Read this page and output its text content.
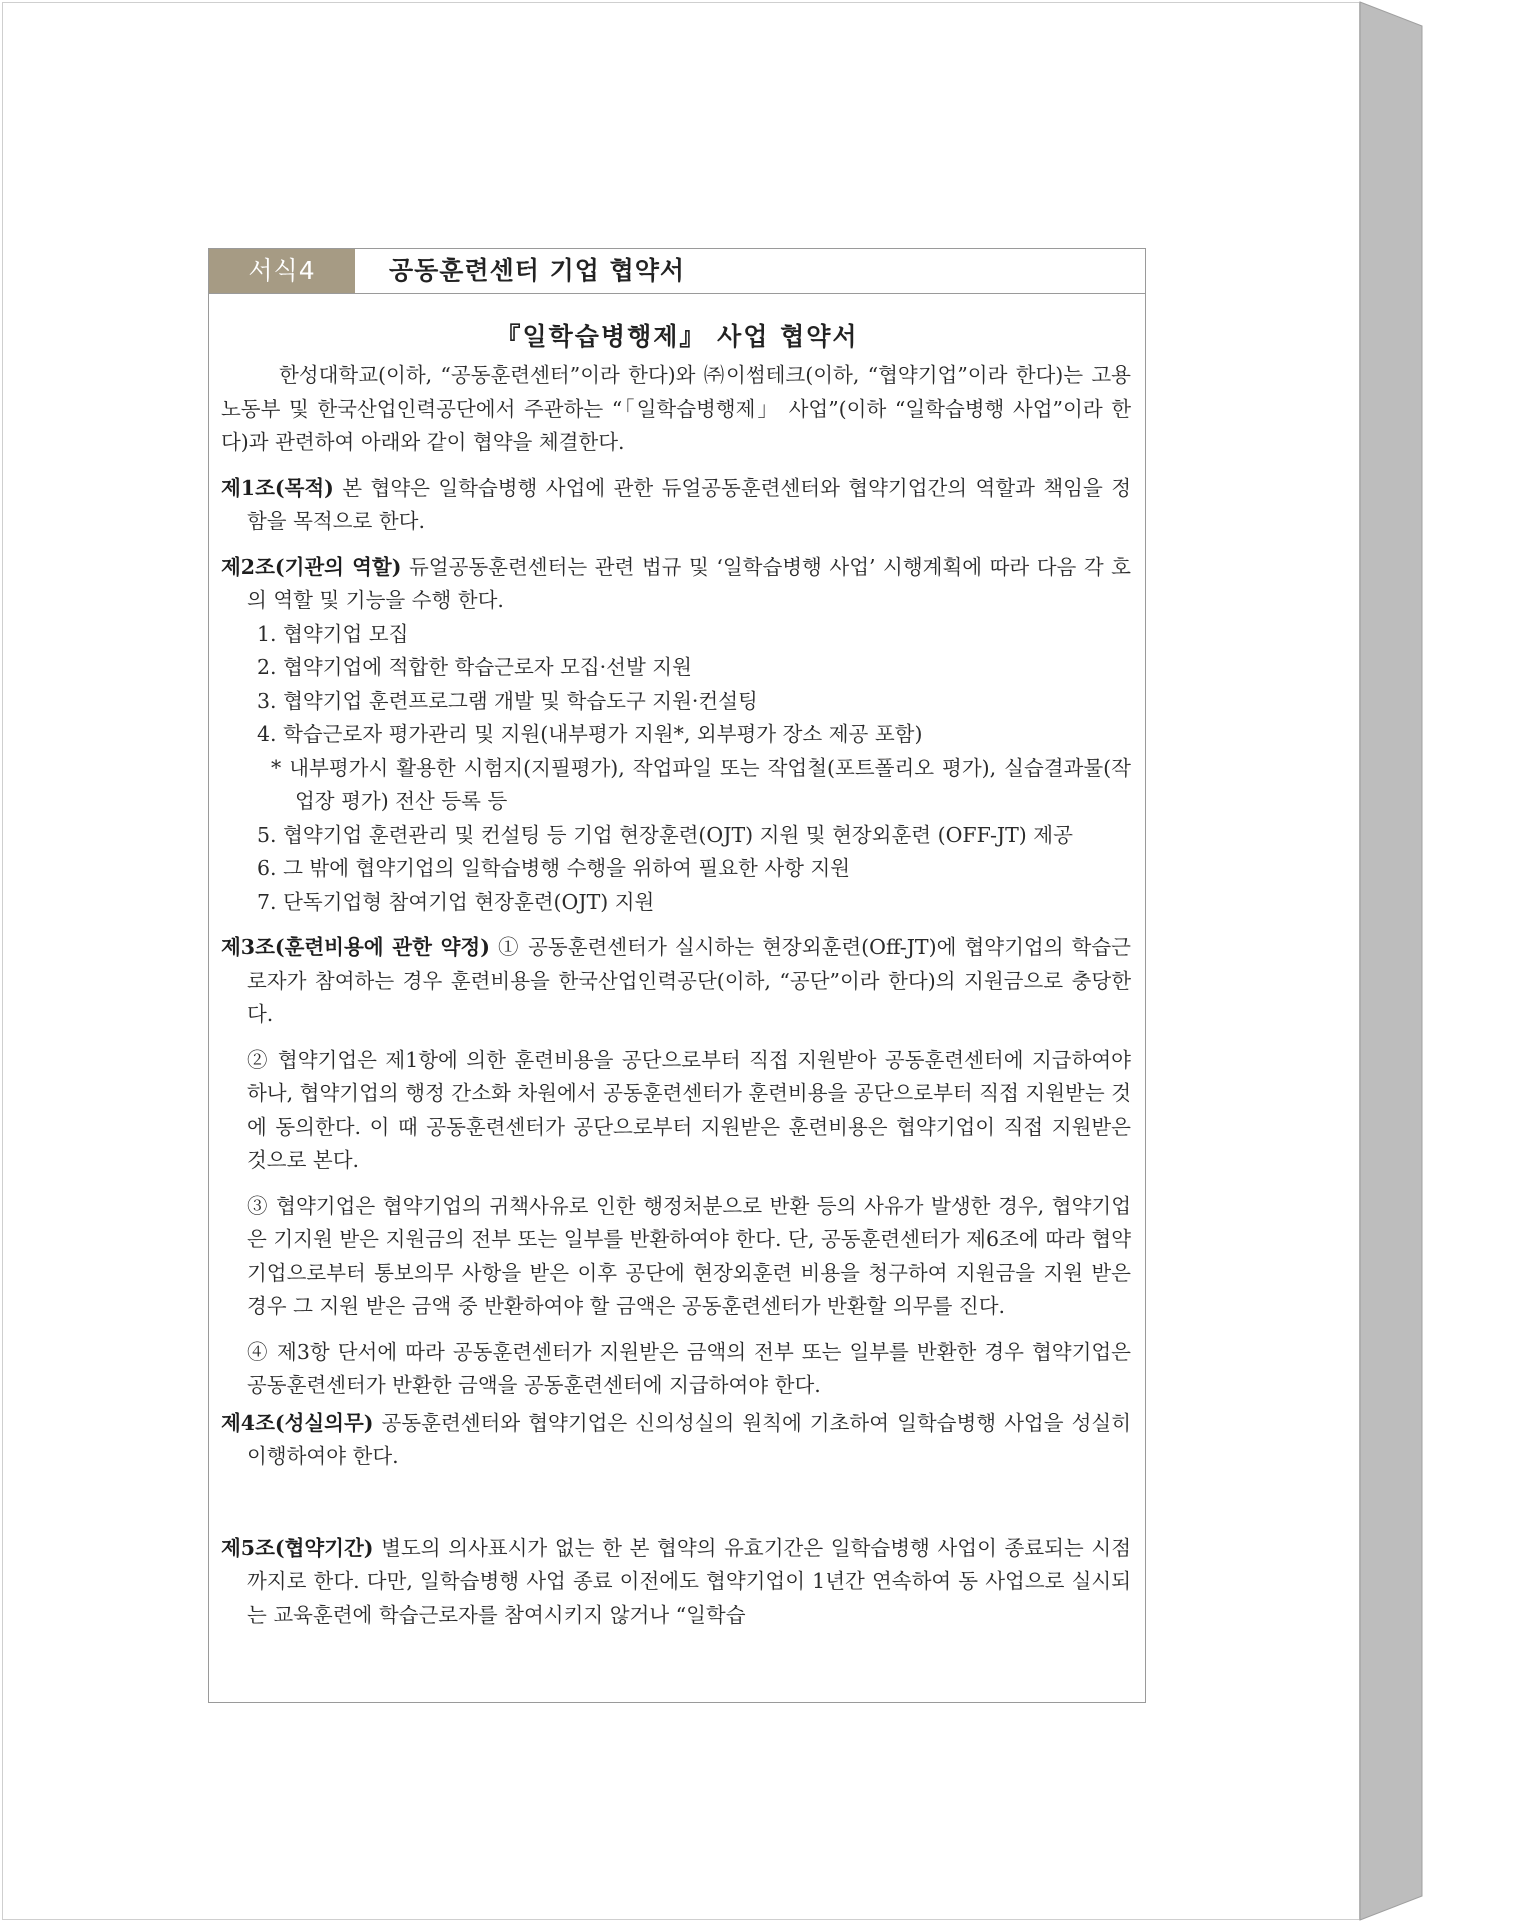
서식4	공동훈련센터 기업 협약서
『일학습병행제』 사업 협약서

한성대학교(이하, “공동훈련센터”이라 한다)와 ㈜이썸테크(이하, “협약기업”이라 한다)는 고용노동부 및 한국산업인력공단에서 주관하는 “「일학습병행제」 사업”(이하 “일학습병행 사업”이라 한다)과 관련하여 아래와 같이 협약을 체결한다.

제1조(목적) 본 협약은 일학습병행 사업에 관한 듀얼공동훈련센터와 협약기업간의 역할과 책임을 정함을 목적으로 한다.

제2조(기관의 역할) 듀얼공동훈련센터는 관련 법규 및 ‘일학습병행 사업’ 시행계획에 따라 다음 각 호의 역할 및 기능을 수행 한다.

1. 협약기업 모집
2. 협약기업에 적합한 학습근로자 모집·선발 지원
3. 협약기업 훈련프로그램 개발 및 학습도구 지원·컨설팅
4. 학습근로자 평가관리 및 지원(내부평가 지원*, 외부평가 장소 제공 포함)

* 내부평가시 활용한 시험지(지필평가), 작업파일 또는 작업철(포트폴리오 평가), 실습결과물(작업장 평가) 전산 등록 등

5. 협약기업 훈련관리 및 컨설팅 등 기업 현장훈련(OJT) 지원 및 현장외훈련 (OFF-JT) 제공
6. 그 밖에 협약기업의 일학습병행 수행을 위하여 필요한 사항 지원
7. 단독기업형 참여기업 현장훈련(OJT) 지원

제3조(훈련비용에 관한 약정) ① 공동훈련센터가 실시하는 현장외훈련(Off-JT)에 협약기업의 학습근로자가 참여하는 경우 훈련비용을 한국산업인력공단(이하, “공단”이라 한다)의 지원금으로 충당한다.

② 협약기업은 제1항에 의한 훈련비용을 공단으로부터 직접 지원받아 공동훈련센터에 지급하여야 하나, 협약기업의 행정 간소화 차원에서 공동훈련센터가 훈련비용을 공단으로부터 직접 지원받는 것에 동의한다. 이 때 공동훈련센터가 공단으로부터 지원받은 훈련비용은 협약기업이 직접 지원받은 것으로 본다.

③ 협약기업은 협약기업의 귀책사유로 인한 행정처분으로 반환 등의 사유가 발생한 경우, 협약기업은 기지원 받은 지원금의 전부 또는 일부를 반환하여야 한다. 단, 공동훈련센터가 제6조에 따라 협약기업으로부터 통보의무 사항을 받은 이후 공단에 현장외훈련 비용을 청구하여 지원금을 지원 받은 경우 그 지원 받은 금액 중 반환하여야 할 금액은 공동훈련센터가 반환할 의무를 진다.

④ 제3항 단서에 따라 공동훈련센터가 지원받은 금액의 전부 또는 일부를 반환한 경우 협약기업은 공동훈련센터가 반환한 금액을 공동훈련센터에 지급하여야 한다.

제4조(성실의무) 공동훈련센터와 협약기업은 신의성실의 원칙에 기초하여 일학습병행 사업을 성실히 이행하여야 한다.

제5조(협약기간) 별도의 의사표시가 없는 한 본 협약의 유효기간은 일학습병행 사업이 종료되는 시점까지로 한다. 다만, 일학습병행 사업 종료 이전에도 협약기업이 1년간 연속하여 동 사업으로 실시되는 교육훈련에 학습근로자를 참여시키지 않거나 “일학습
